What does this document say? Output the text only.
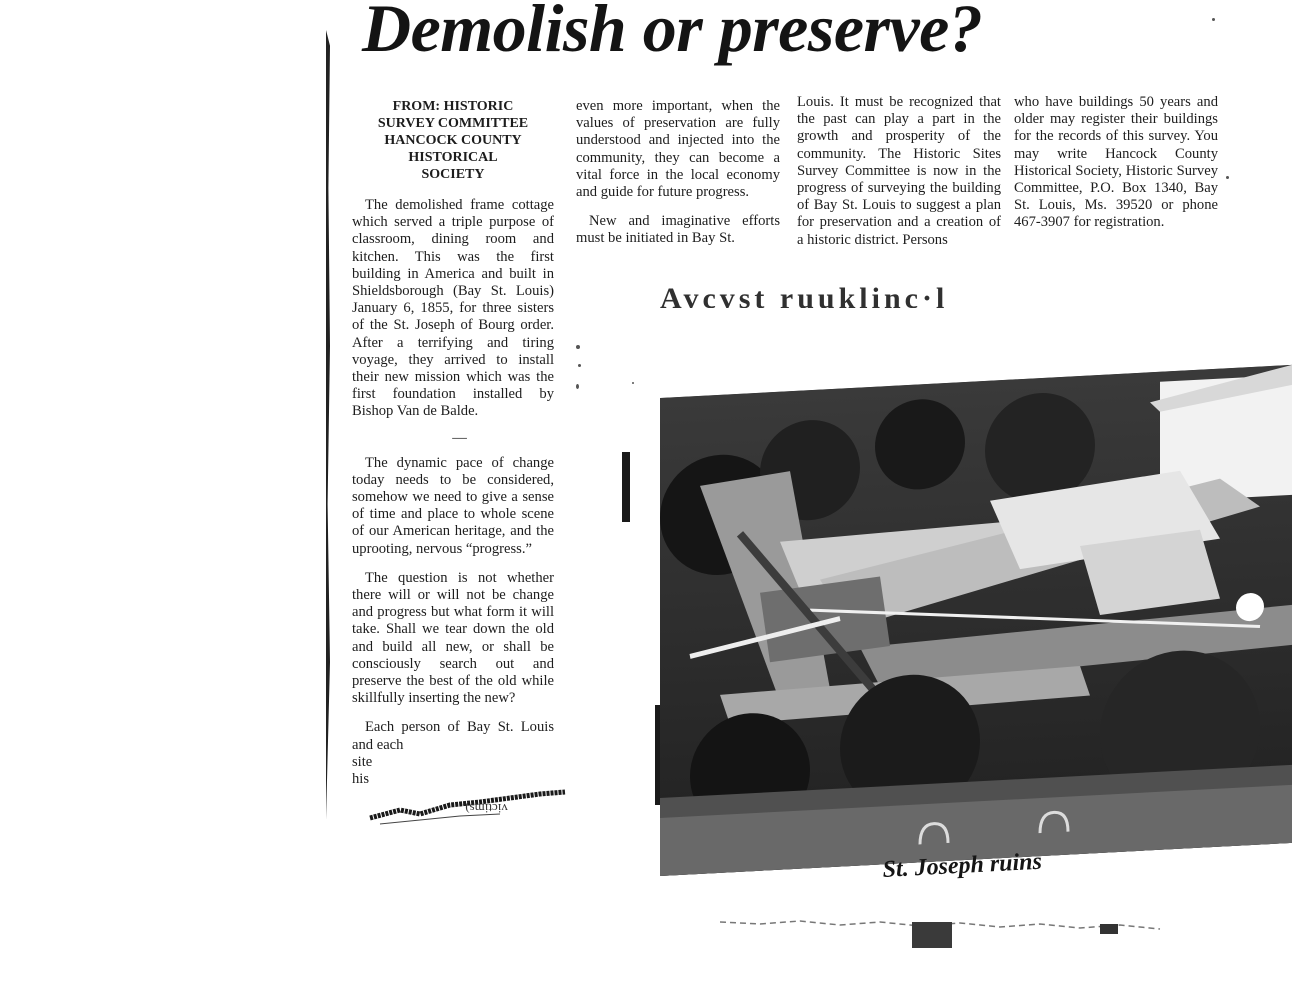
Demolish or preserve?
FROM: HISTORIC
SURVEY COMMITTEE
HANCOCK COUNTY
HISTORICAL
SOCIETY

The demolished frame cottage which served a triple purpose of classroom, dining room and kitchen. This was the first building in America and built in Shieldsborough (Bay St. Louis) January 6, 1855, for three sisters of the St. Joseph of Bourg order. After a terrifying and tiring voyage, they arrived to install their new mission which was the first foundation installed by Bishop Van de Balde.

—

The dynamic pace of change today needs to be considered, somehow we need to give a sense of time and place to whole scene of our American heritage, and the uprooting, nervous “progress.”

The question is not whether there will or will not be change and progress but what form it will take. Shall we tear down the old and build all new, or shall be consciously search out and preserve the best of the old while skillfully inserting the new?

Each person of Bay St. Louis and each

site

his

victims).

even more important, when the values of preservation are fully understood and injected into the community, they can become a vital force in the local economy and guide for future progress.

New and imaginative efforts must be initiated in Bay St.

Louis. It must be recognized that the past can play a part in the growth and prosperity of the community. The Historic Sites Survey Committee is now in the progress of surveying the building of Bay St. Louis to suggest a plan for preservation and a creation of a historic district. Persons

who have buildings 50 years and older may register their buildings for the records of this survey. You may write Hancock County Historical Society, Historic Survey Committee, P.O. Box 1340, Bay St. Louis, Ms. 39520 or phone 467-3907 for registration.

Avcvst ruuklinc·l
St. Joseph ruins
